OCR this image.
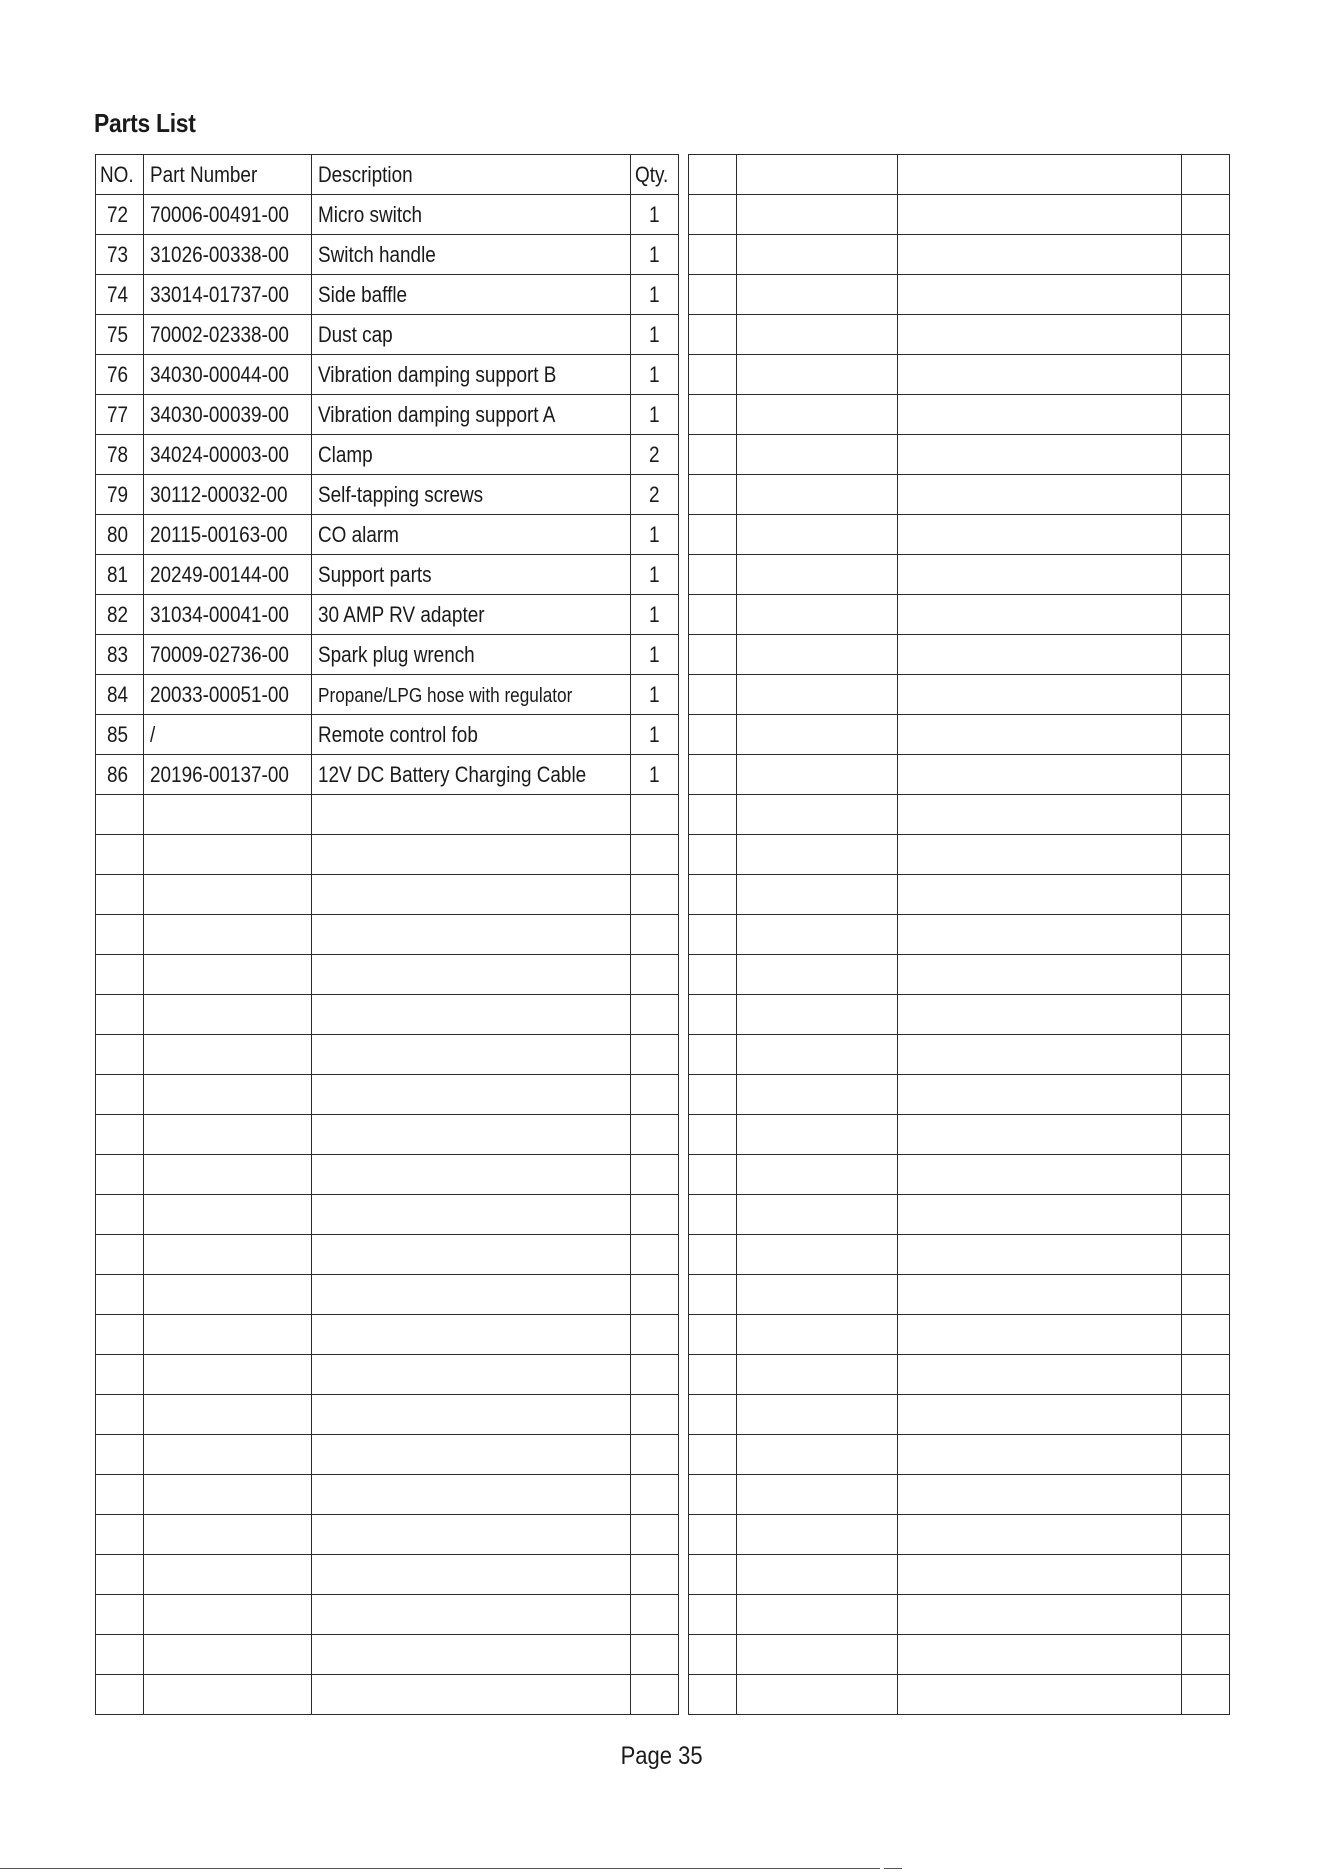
Parts List
NO.	Part Number	Description	Qty.
72	70006-00491-00	Micro switch	1
73	31026-00338-00	Switch handle	1
74	33014-01737-00	Side baffle	1
75	70002-02338-00	Dust cap	1
76	34030-00044-00	Vibration damping support B	1
77	34030-00039-00	Vibration damping support A	1
78	34024-00003-00	Clamp	2
79	30112-00032-00	Self-tapping screws	2
80	20115-00163-00	CO alarm	1
81	20249-00144-00	Support parts	1
82	31034-00041-00	30 AMP RV adapter	1
83	70009-02736-00	Spark plug wrench	1
84	20033-00051-00	Propane/LPG hose with regulator	1
85	/	Remote control fob	1
86	20196-00137-00	12V DC Battery Charging Cable	1

Page 35
